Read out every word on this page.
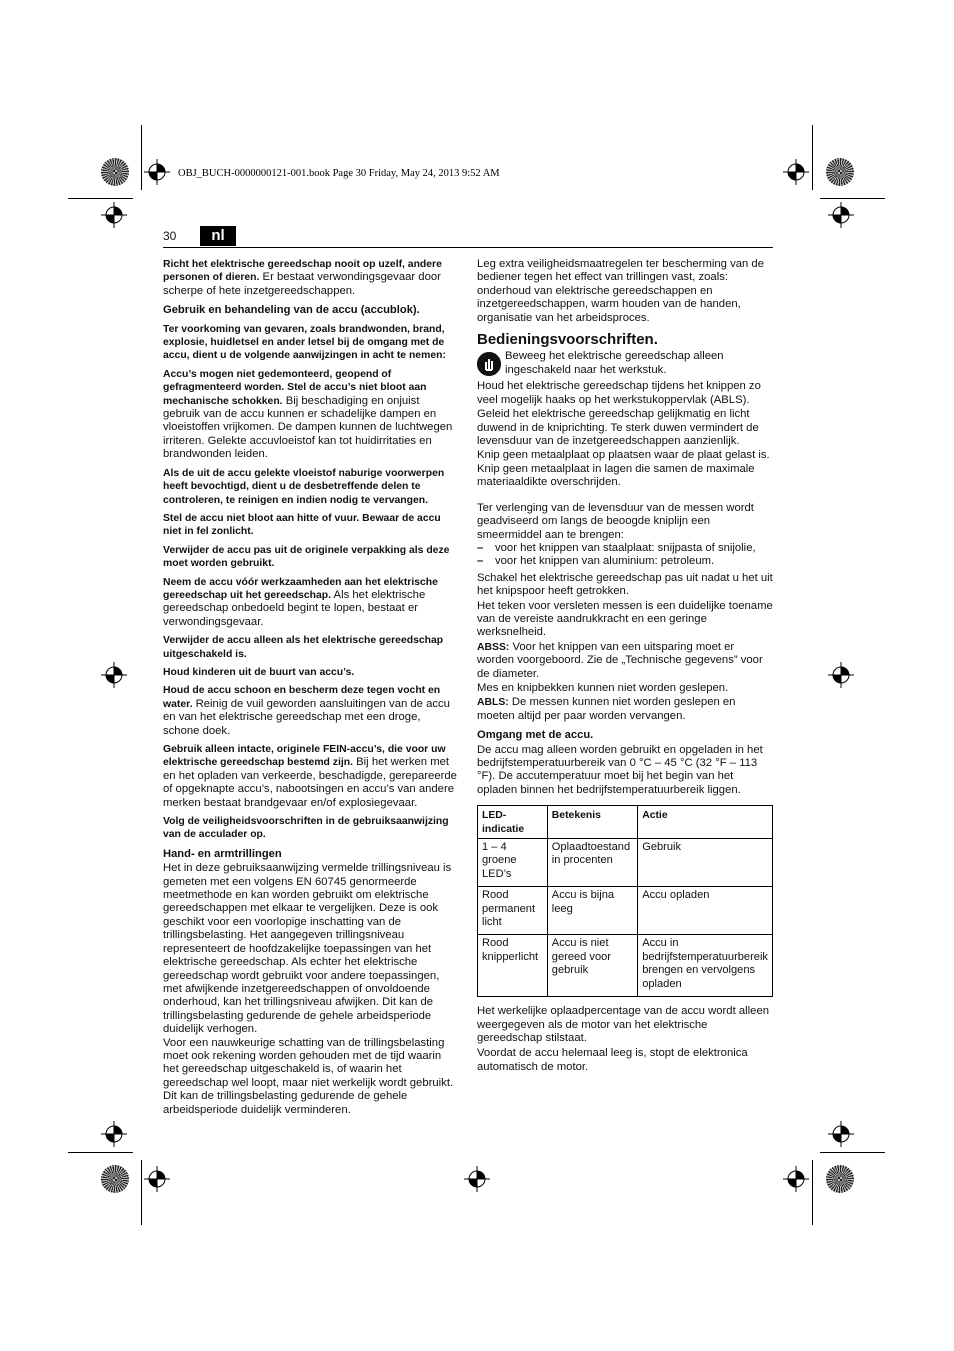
OBJ_BUCH-0000000121-001.book Page 30 Friday, May 24, 2013 9:52 AM
30	nl

Richt het elektrische gereedschap nooit op uzelf, andere personen of dieren. Er bestaat verwondingsgevaar door scherpe of hete inzetgereedschappen.

Gebruik en behandeling van de accu (accublok).

Ter voorkoming van gevaren, zoals brandwonden, brand, explosie, huidletsel en ander letsel bij de omgang met de accu, dient u de volgende aanwijzingen in acht te nemen:

Accu’s mogen niet gedemonteerd, geopend of gefragmenteerd worden. Stel de accu’s niet bloot aan mechanische schokken. Bij beschadiging en onjuist gebruik van de accu kunnen er schadelijke dampen en vloeistoffen vrijkomen. De dampen kunnen de luchtwegen irriteren. Gelekte accuvloeistof kan tot huidirritaties en brandwonden leiden.

Als de uit de accu gelekte vloeistof naburige voorwerpen heeft bevochtigd, dient u de desbetreffende delen te controleren, te reinigen en indien nodig te vervangen.

Stel de accu niet bloot aan hitte of vuur. Bewaar de accu niet in fel zonlicht.

Verwijder de accu pas uit de originele verpakking als deze moet worden gebruikt.

Neem de accu vóór werkzaamheden aan het elektrische gereedschap uit het gereedschap. Als het elektrische gereedschap onbedoeld begint te lopen, bestaat er verwondingsgevaar.

Verwijder de accu alleen als het elektrische gereedschap uitgeschakeld is.

Houd kinderen uit de buurt van accu’s.

Houd de accu schoon en bescherm deze tegen vocht en water. Reinig de vuil geworden aansluitingen van de accu en van het elektrische gereedschap met een droge, schone doek.

Gebruik alleen intacte, originele FEIN-accu’s, die voor uw elektrische gereedschap bestemd zijn. Bij het werken met en het opladen van verkeerde, beschadigde, gerepareerde of opgeknapte accu’s, nabootsingen en accu’s van andere merken bestaat brandgevaar en/of explosiegevaar.

Volg de veiligheidsvoorschriften in de gebruiksaanwijzing van de acculader op.

Hand- en armtrillingen

Het in deze gebruiksaanwijzing vermelde trillingsniveau is gemeten met een volgens EN 60745 genormeerde meetmethode en kan worden gebruikt om elektrische gereedschappen met elkaar te vergelijken. Deze is ook geschikt voor een voorlopige inschatting van de trillingsbelasting. Het aangegeven trillingsniveau representeert de hoofdzakelijke toepassingen van het elektrische gereedschap. Als echter het elektrische gereedschap wordt gebruikt voor andere toepassingen, met afwijkende inzetgereedschappen of onvoldoende onderhoud, kan het trillingsniveau afwijken. Dit kan de trillingsbelasting gedurende de gehele arbeidsperiode duidelijk verhogen.

Voor een nauwkeurige schatting van de trillingsbelasting moet ook rekening worden gehouden met de tijd waarin het gereedschap uitgeschakeld is, of waarin het gereedschap wel loopt, maar niet werkelijk wordt gebruikt. Dit kan de trillingsbelasting gedurende de gehele arbeidsperiode duidelijk verminderen.

Leg extra veiligheidsmaatregelen ter bescherming van de bediener tegen het effect van trillingen vast, zoals: onderhoud van elektrische gereedschappen en inzetgereedschappen, warm houden van de handen, organisatie van het arbeidsproces.

Bedieningsvoorschriften.
Beweeg het elektrische gereedschap alleen ingeschakeld naar het werkstuk.

Houd het elektrische gereedschap tijdens het knippen zo veel mogelijk haaks op het werkstukoppervlak (ABLS).

Geleid het elektrische gereedschap gelijkmatig en licht duwend in de kniprichting. Te sterk duwen vermindert de levensduur van de inzetgereedschappen aanzienlijk.

Knip geen metaalplaat op plaatsen waar de plaat gelast is. Knip geen metaalplaat in lagen die samen de maximale materiaaldikte overschrijden.

Ter verlenging van de levensduur van de messen wordt geadviseerd om langs de beoogde kniplijn een smeermiddel aan te brengen:

– voor het knippen van staalplaat: snijpasta of snijolie,
– voor het knippen van aluminium: petroleum.

Schakel het elektrische gereedschap pas uit nadat u het uit het knipspoor heeft getrokken.

Het teken voor versleten messen is een duidelijke toename van de vereiste aandrukkracht en een geringe werksnelheid.

ABSS: Voor het knippen van een uitsparing moet er worden voorgeboord. Zie de „Technische gegevens” voor de diameter.

Mes en knipbekken kunnen niet worden geslepen.

ABLS: De messen kunnen niet worden geslepen en moeten altijd per paar worden vervangen.

Omgang met de accu.

De accu mag alleen worden gebruikt en opgeladen in het bedrijfstemperatuurbereik van 0 °C – 45 °C (32 °F – 113 °F). De accutemperatuur moet bij het begin van het opladen binnen het bedrijfstemperatuurbereik liggen.

LED-indicatie	Betekenis	Actie
1 – 4 groene LED’s	Oplaadtoestand in procenten	Gebruik
Rood permanent licht	Accu is bijna leeg	Accu opladen
Rood knipperlicht	Accu is niet gereed voor gebruik	Accu in bedrijfstemperatuurbereik brengen en vervolgens opladen

Het werkelijke oplaadpercentage van de accu wordt alleen weergegeven als de motor van het elektrische gereedschap stilstaat.

Voordat de accu helemaal leeg is, stopt de elektronica automatisch de motor.
